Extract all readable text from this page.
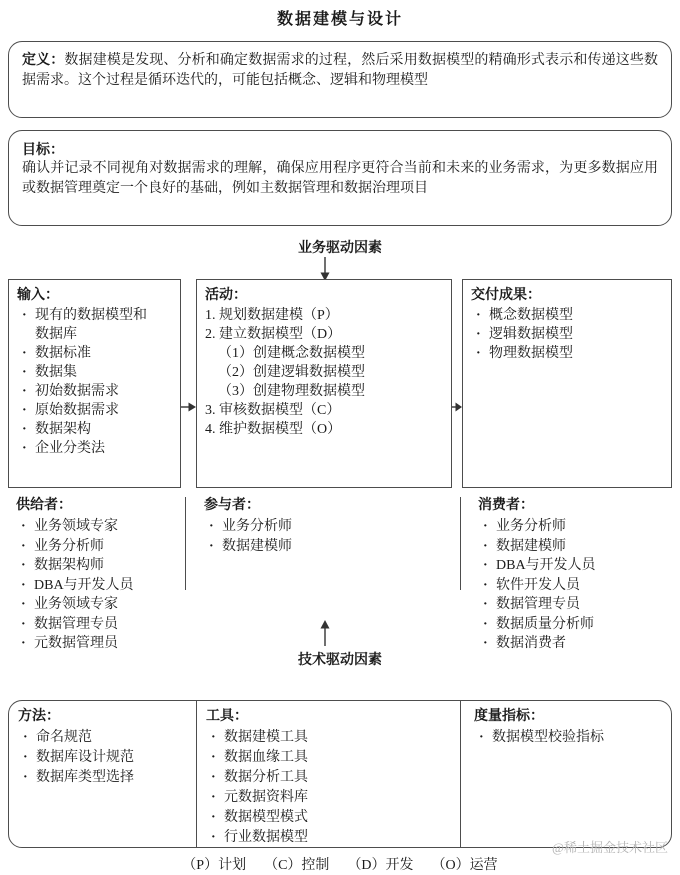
数据建模与设计

定义：数据建模是发现、分析和确定数据需求的过程，然后采用数据模型的精确形式表示和传递这些数据需求。这个过程是循环迭代的，可能包括概念、逻辑和物理模型

目标：

确认并记录不同视角对数据需求的理解，确保应用程序更符合当前和未来的业务需求，为更多数据应用或数据管理奠定一个良好的基础，例如主数据管理和数据治理项目

业务驱动因素
输入：
· 现有的数据模型和数据库
· 数据标准
· 数据集
· 初始数据需求
· 原始数据需求
· 数据架构
· 企业分类法
活动：
1. 规划数据建模（P）
2. 建立数据模型（D）
（1）创建概念数据模型
（2）创建逻辑数据模型
（3）创建物理数据模型
3. 审核数据模型（C）
4. 维护数据模型（O）
交付成果：
· 概念数据模型
· 逻辑数据模型
· 物理数据模型
供给者：
· 业务领域专家
· 业务分析师
· 数据架构师
· DBA与开发人员
· 业务领域专家
· 数据管理专员
· 元数据管理员
参与者：
· 业务分析师
· 数据建模师
消费者：
· 业务分析师
· 数据建模师
· DBA与开发人员
· 软件开发人员
· 数据管理专员
· 数据质量分析师
· 数据消费者
技术驱动因素
方法：
· 命名规范
· 数据库设计规范
· 数据库类型选择
工具：
· 数据建模工具
· 数据血缘工具
· 数据分析工具
· 元数据资料库
· 数据模型模式
· 行业数据模型
度量指标：
· 数据模型校验指标
（P）计划 （C）控制 （D）开发 （O）运营
@稀土掘金技术社区
